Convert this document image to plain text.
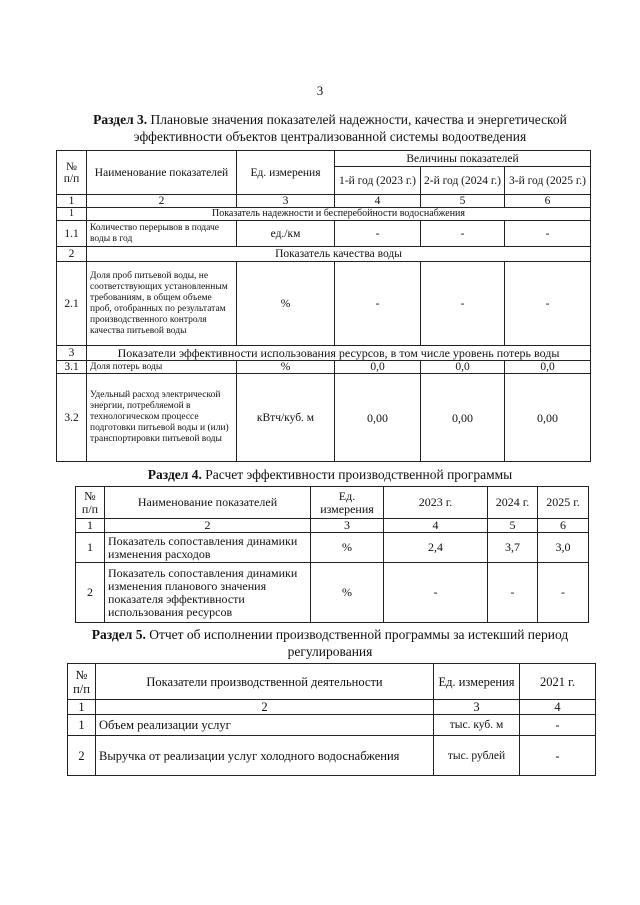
3
Раздел 3. Плановые значения показателей надежности, качества и энергетической
эффективности объектов централизованной системы водоотведения
№ п/п	Наименование показателей	Ед. измерения	Величины показателей		
			1-й год (2023 г.)	2-й год (2024 г.)	3-й год (2025 г.)
1	2	3	4	5	6
1	Показатель надежности и бесперебойности водоснабжения				
1.1	Количество перерывов в подаче воды в год	ед./км	-	-	-
2	Показатель качества воды				
2.1	Доля проб питьевой воды, не соответствующих установленным требованиям, в общем объеме проб, отобранных по результатам производственного контроля качества питьевой воды	%	-	-	-
3	Показатели эффективности использования ресурсов, в том числе уровень потерь воды				
3.1	Доля потерь воды	%	0,0	0,0	0,0
3.2	Удельный расход электрической энергии, потребляемой в технологическом процессе подготовки питьевой воды и (или) транспортировки питьевой воды	кВтч/куб. м	0,00	0,00	0,00
Раздел 4. Расчет эффективности производственной программы
№ п/п	Наименование показателей	Ед. измерения	2023 г.	2024 г.	2025 г.
1	2	3	4	5	6
1	Показатель сопоставления динамики изменения расходов	%	2,4	3,7	3,0
2	Показатель сопоставления динамики изменения планового значения показателя эффективности использования ресурсов	%	-	-	-
Раздел 5. Отчет об исполнении производственной программы за истекший период
регулирования
№ п/п	Показатели производственной деятельности	Ед. измерения	2021 г.
1	2	3	4
1	Объем реализации услуг	тыс. куб. м	-
2	Выручка от реализации услуг холодного водоснабжения	тыс. рублей	-
